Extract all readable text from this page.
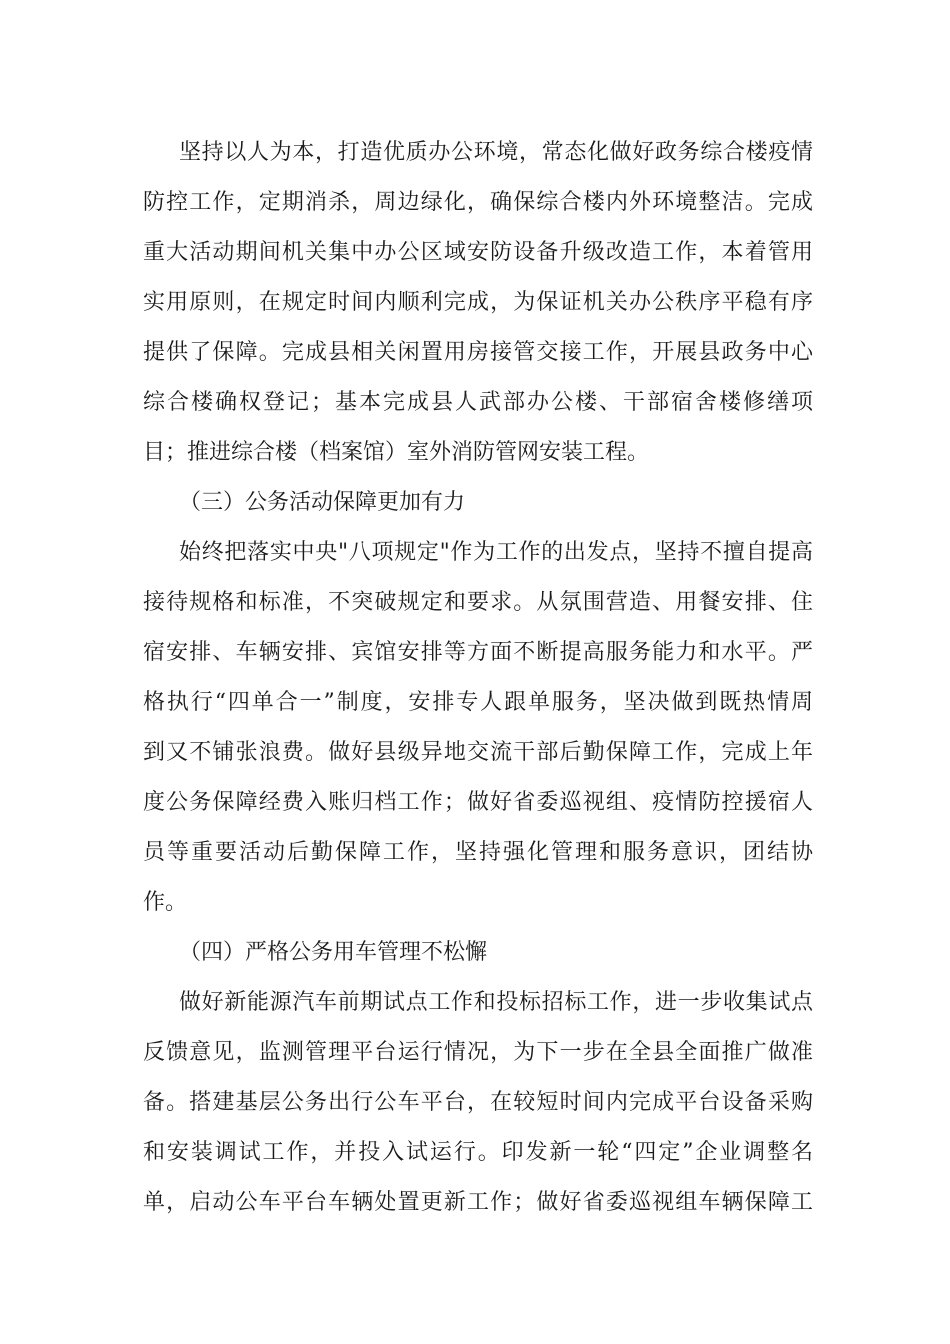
坚持以人为本，打造优质办公环境，常态化做好政务综合楼疫情
防控工作，定期消杀，周边绿化，确保综合楼内外环境整洁。完成
重大活动期间机关集中办公区域安防设备升级改造工作，本着管用
实用原则，在规定时间内顺利完成，为保证机关办公秩序平稳有序
提供了保障。完成县相关闲置用房接管交接工作，开展县政务中心
综合楼确权登记；基本完成县人武部办公楼、干部宿舍楼修缮项
目；推进综合楼（档案馆）室外消防管网安装工程。
（三）公务活动保障更加有力
始终把落实中央"八项规定"作为工作的出发点，坚持不擅自提高
接待规格和标准，不突破规定和要求。从氛围营造、用餐安排、住
宿安排、车辆安排、宾馆安排等方面不断提高服务能力和水平。严
格执行“四单合一”制度，安排专人跟单服务，坚决做到既热情周
到又不铺张浪费。做好县级异地交流干部后勤保障工作，完成上年
度公务保障经费入账归档工作；做好省委巡视组、疫情防控援宿人
员等重要活动后勤保障工作，坚持强化管理和服务意识，团结协
作。
（四）严格公务用车管理不松懈
做好新能源汽车前期试点工作和投标招标工作，进一步收集试点
反馈意见，监测管理平台运行情况，为下一步在全县全面推广做准
备。搭建基层公务出行公车平台，在较短时间内完成平台设备采购
和安装调试工作，并投入试运行。印发新一轮“四定”企业调整名
单，启动公车平台车辆处置更新工作；做好省委巡视组车辆保障工
